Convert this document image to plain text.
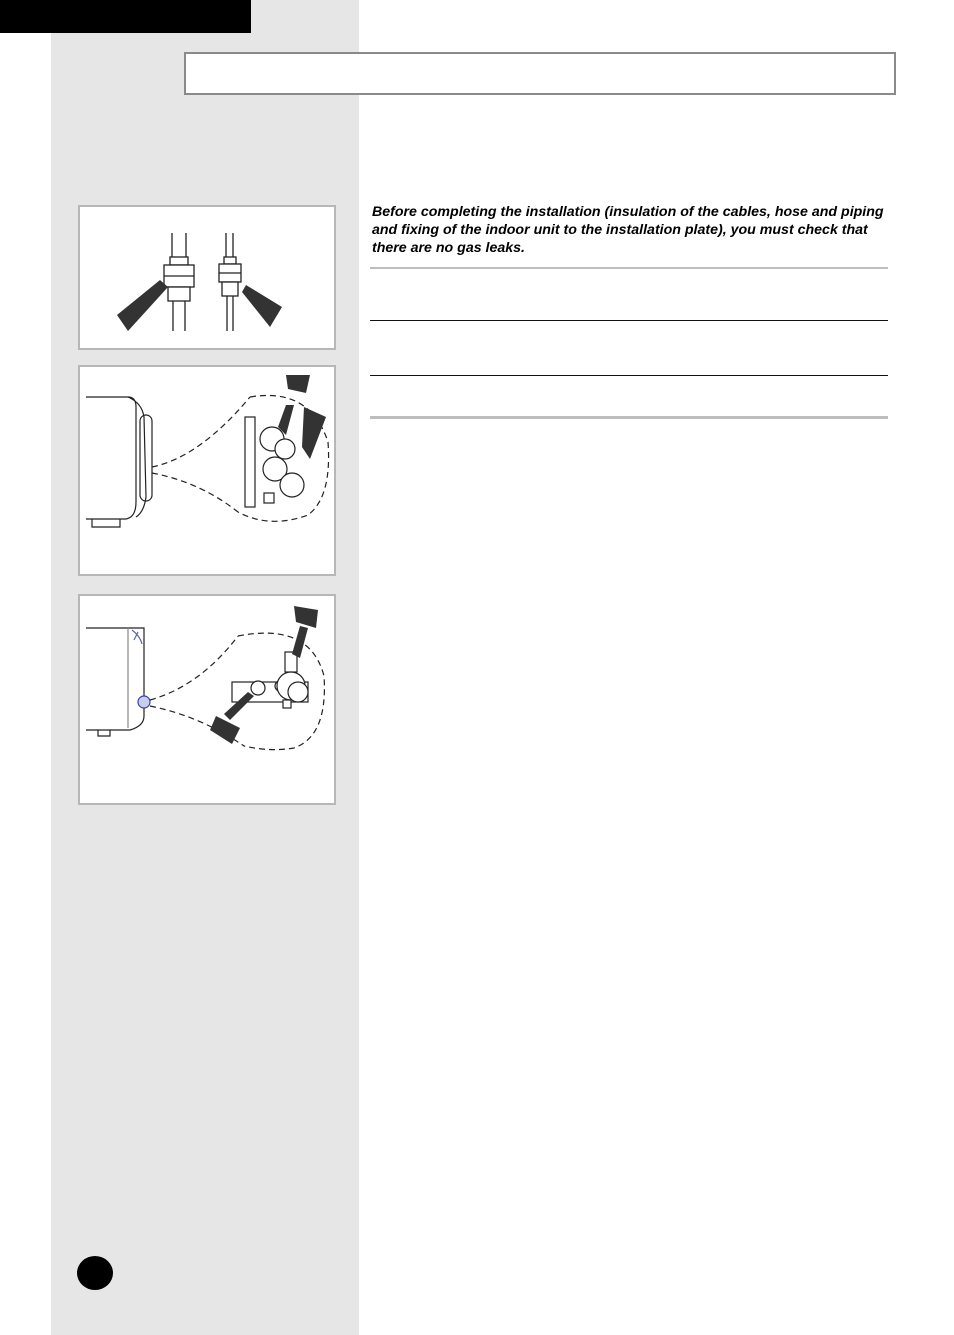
Before completing the installation (insulation of the cables, hose and piping and fixing of the indoor unit to the installation plate), you must check that there are no gas leaks.
